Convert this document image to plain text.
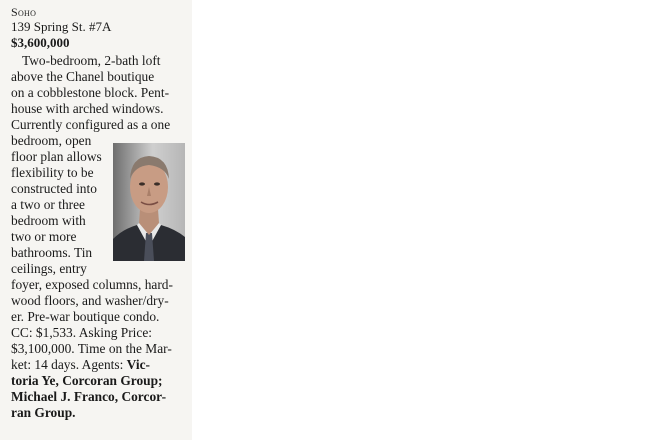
Soho
139 Spring St. #7A
$3,600,000
Two-bedroom, 2-bath loft
above the Chanel boutique
on a cobblestone block. Pent-
house with arched windows.
Currently configured as a one
bedroom, open
floor plan allows
flexibility to be
constructed into
a two or three
bedroom with
two or more
bathrooms. Tin
ceilings, entry
foyer, exposed columns, hard-
wood floors, and washer/dry-
er. Pre-war boutique condo.
CC: $1,533. Asking Price:
$3,100,000. Time on the Mar-
ket: 14 days. Agents: Vic-
toria Ye, Corcoran Group;
Michael J. Franco, Corcor-
ran Group.
